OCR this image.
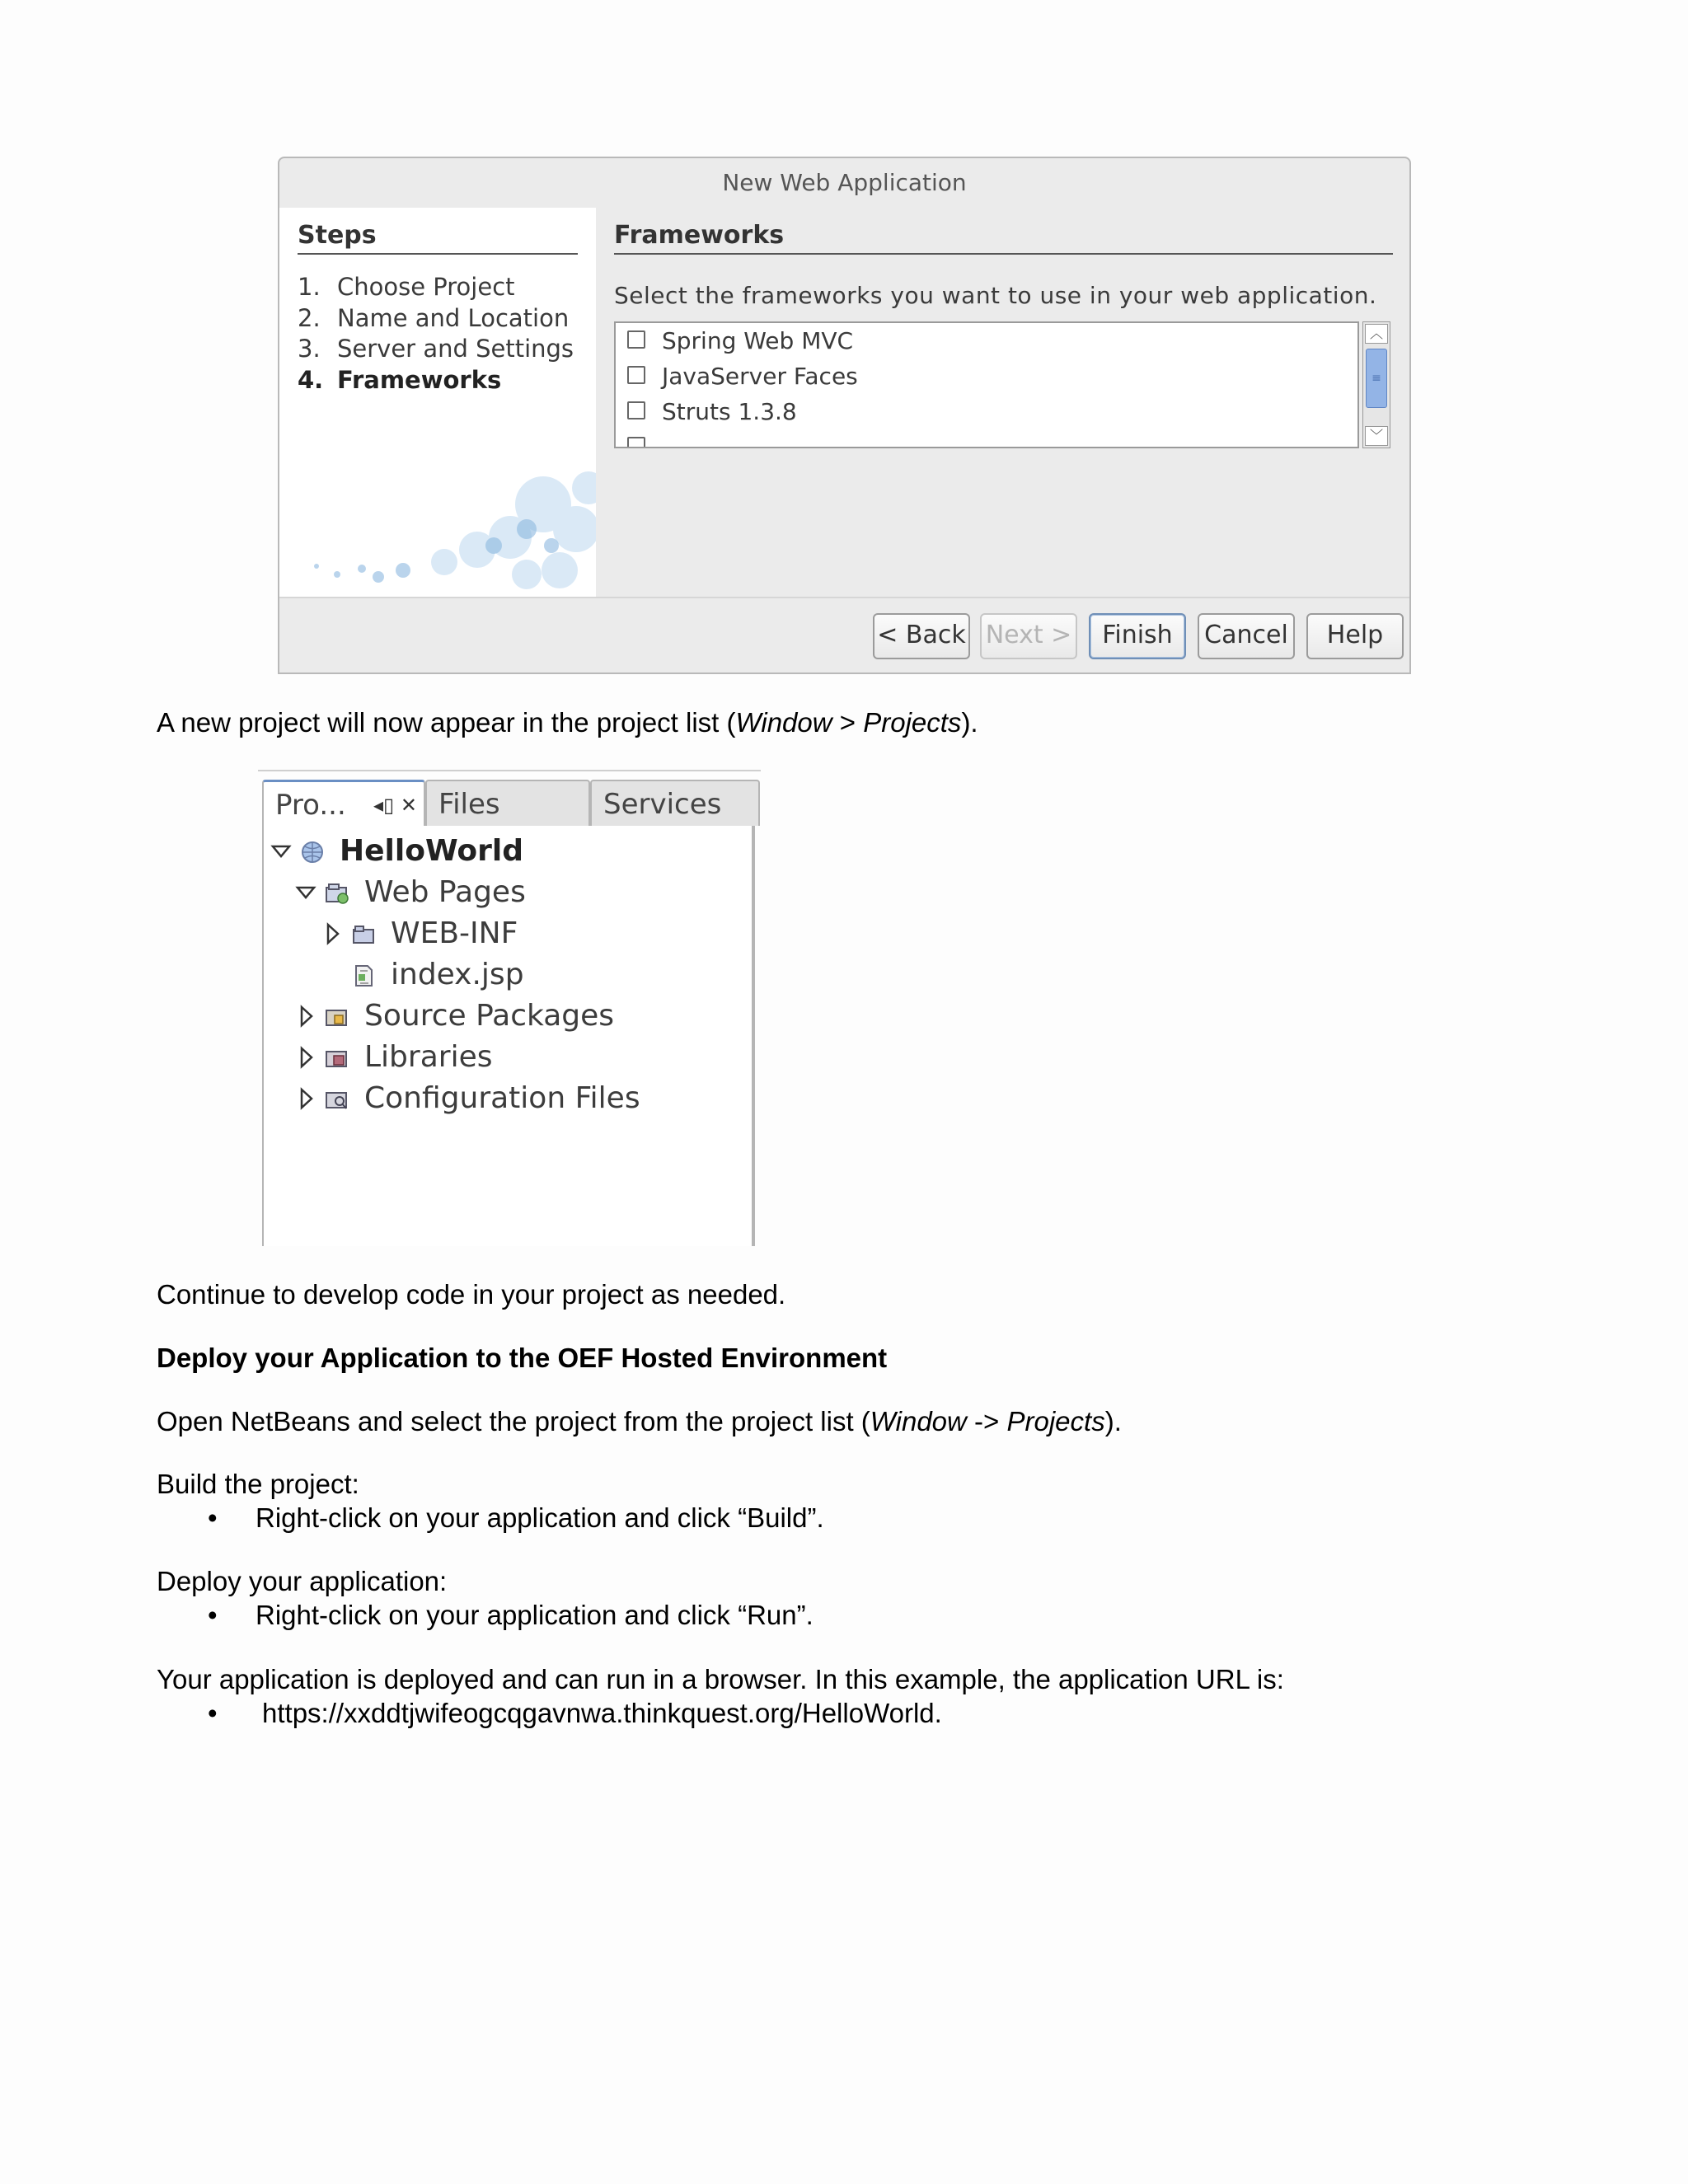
New Web Application
Steps
1. Choose Project
2. Name and Location
3. Server and Settings
4. Frameworks
Frameworks
Select the frameworks you want to use in your web application.
Spring Web MVC
JavaServer Faces
Struts 1.3.8
︿
≡
﹀
< Back Next >	Finish	Cancel	Help
A new project will now appear in the project list (Window > Projects).
Pro... ◂▯ ✕ Files	Services
HelloWorld
Web Pages
WEB-INF
index.jsp
Source Packages
Libraries
Configuration Files
Continue to develop code in your project as needed.
Deploy your Application to the OEF Hosted Environment
Open NetBeans and select the project from the project list (Window -> Projects).
Build the project:
• Right-click on your application and click “Build”.
Deploy your application:
• Right-click on your application and click “Run”.
Your application is deployed and can run in a browser. In this example, the application URL is:
• https://xxddtjwifeogcqgavnwa.thinkquest.org/HelloWorld.
